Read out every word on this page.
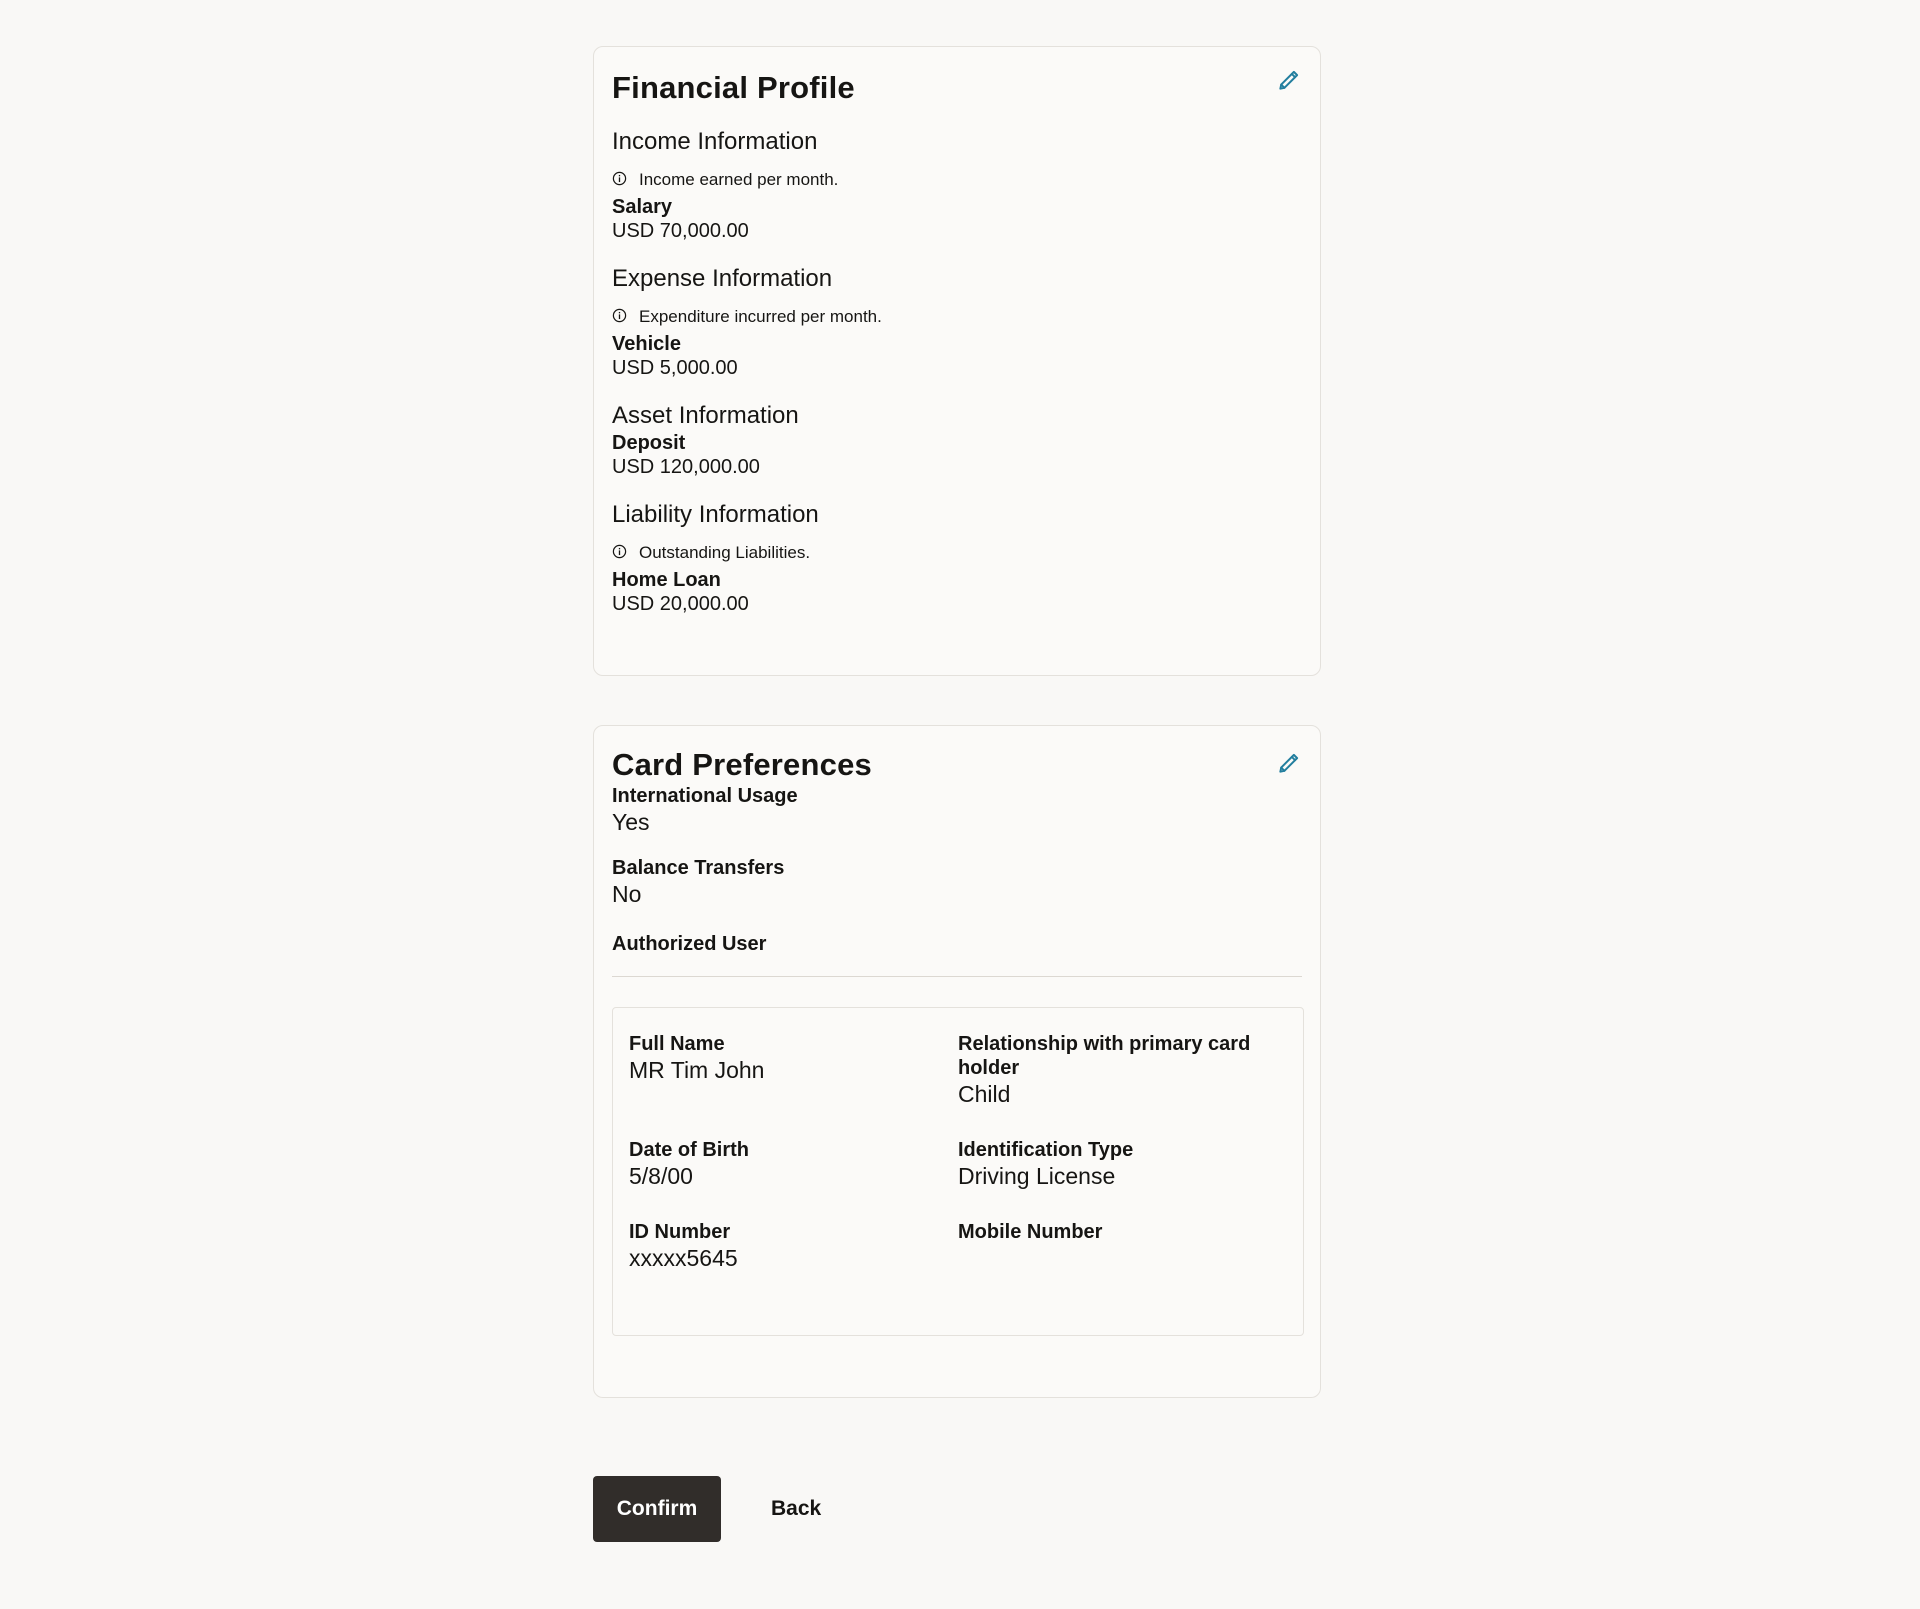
Financial Profile
Income Information
Income earned per month.
Salary
USD 70,000.00
Expense Information
Expenditure incurred per month.
Vehicle
USD 5,000.00
Asset Information
Deposit
USD 120,000.00
Liability Information
Outstanding Liabilities.
Home Loan
USD 20,000.00
Card Preferences
International Usage
Yes
Balance Transfers
No
Authorized User
Full Name
MR Tim John
Relationship with primary card holder
Child
Date of Birth
5/8/00
Identification Type
Driving License
ID Number
xxxxx5645
Mobile Number
Confirm	Back
